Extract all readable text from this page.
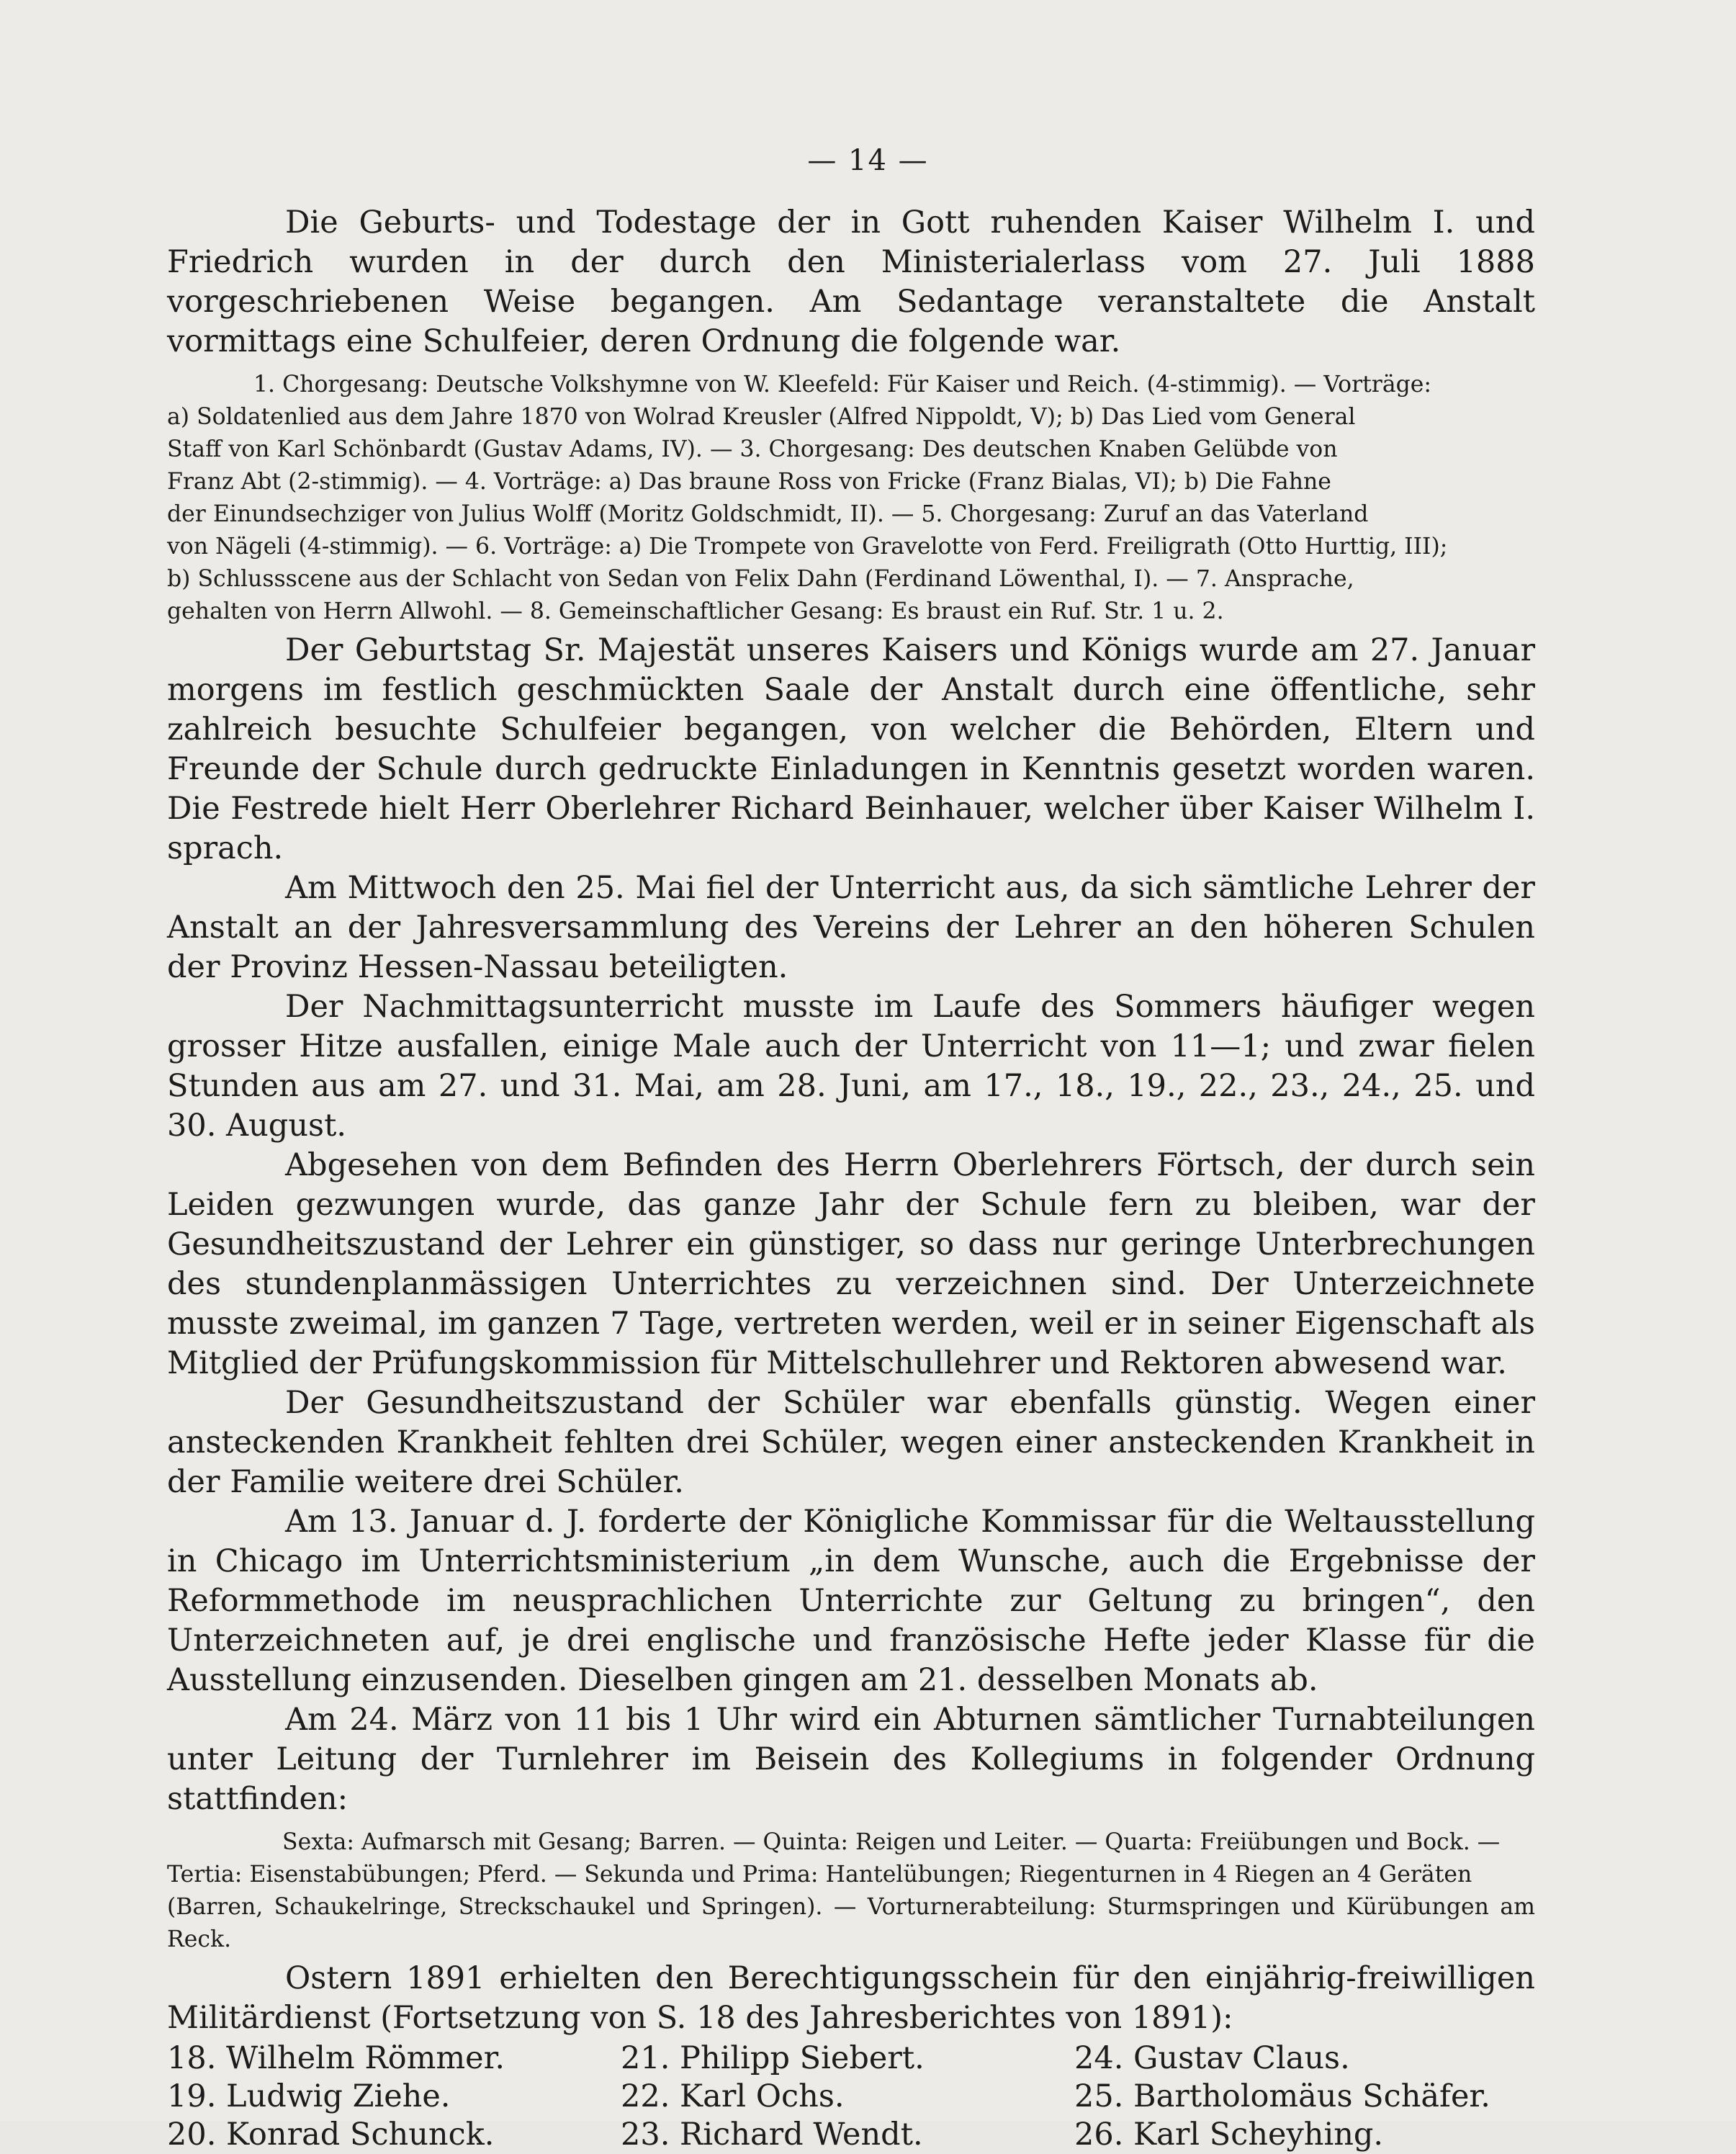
— 14 —

Die Geburts- und Todestage der in Gott ruhenden Kaiser Wilhelm I. und Friedrich wurden in der durch den Ministerialerlass vom 27. Juli 1888 vorgeschriebenen Weise begangen. Am Sedantage veranstaltete die Anstalt vormittags eine Schulfeier, deren Ordnung die folgende war.

1. Chorgesang: Deutsche Volkshymne von W. Kleefeld: Für Kaiser und Reich. (4-stimmig). — Vorträge:
a) Soldatenlied aus dem Jahre 1870 von Wolrad Kreusler (Alfred Nippoldt, V); b) Das Lied vom General
Staff von Karl Schönbardt (Gustav Adams, IV). — 3. Chorgesang: Des deutschen Knaben Gelübde von
Franz Abt (2-stimmig). — 4. Vorträge: a) Das braune Ross von Fricke (Franz Bialas, VI); b) Die Fahne
der Einundsechziger von Julius Wolff (Moritz Goldschmidt, II). — 5. Chorgesang: Zuruf an das Vaterland
von Nägeli (4-stimmig). — 6. Vorträge: a) Die Trompete von Gravelotte von Ferd. Freiligrath (Otto Hurttig, III);
b) Schlussscene aus der Schlacht von Sedan von Felix Dahn (Ferdinand Löwenthal, I). — 7. Ansprache,
gehalten von Herrn Allwohl. — 8. Gemeinschaftlicher Gesang: Es braust ein Ruf. Str. 1 u. 2.

Der Geburtstag Sr. Majestät unseres Kaisers und Königs wurde am 27. Januar morgens im festlich geschmückten Saale der Anstalt durch eine öffentliche, sehr zahlreich besuchte Schulfeier begangen, von welcher die Behörden, Eltern und Freunde der Schule durch gedruckte Einladungen in Kenntnis gesetzt worden waren. Die Festrede hielt Herr Oberlehrer Richard Beinhauer, welcher über Kaiser Wilhelm I. sprach.

Am Mittwoch den 25. Mai fiel der Unterricht aus, da sich sämtliche Lehrer der Anstalt an der Jahresversammlung des Vereins der Lehrer an den höheren Schulen der Provinz Hessen-Nassau beteiligten.

Der Nachmittagsunterricht musste im Laufe des Sommers häufiger wegen grosser Hitze ausfallen, einige Male auch der Unterricht von 11—1; und zwar fielen Stunden aus am 27. und 31. Mai, am 28. Juni, am 17., 18., 19., 22., 23., 24., 25. und 30. August.

Abgesehen von dem Befinden des Herrn Oberlehrers Förtsch, der durch sein Leiden gezwungen wurde, das ganze Jahr der Schule fern zu bleiben, war der Gesundheitszustand der Lehrer ein günstiger, so dass nur geringe Unterbrechungen des stundenplanmässigen Unterrichtes zu verzeichnen sind. Der Unterzeichnete musste zweimal, im ganzen 7 Tage, vertreten werden, weil er in seiner Eigenschaft als Mitglied der Prüfungskommission für Mittelschullehrer und Rektoren abwesend war.

Der Gesundheitszustand der Schüler war ebenfalls günstig. Wegen einer ansteckenden Krankheit fehlten drei Schüler, wegen einer ansteckenden Krankheit in der Familie weitere drei Schüler.

Am 13. Januar d. J. forderte der Königliche Kommissar für die Weltausstellung in Chicago im Unterrichtsministerium „in dem Wunsche, auch die Ergebnisse der Reformmethode im neusprachlichen Unterrichte zur Geltung zu bringen“, den Unterzeichneten auf, je drei englische und französische Hefte jeder Klasse für die Ausstellung einzusenden. Dieselben gingen am 21. desselben Monats ab.

Am 24. März von 11 bis 1 Uhr wird ein Abturnen sämtlicher Turnabteilungen unter Leitung der Turnlehrer im Beisein des Kollegiums in folgender Ordnung stattfinden:

Sexta: Aufmarsch mit Gesang; Barren. — Quinta: Reigen und Leiter. — Quarta: Freiübungen und Bock. —
Tertia: Eisenstabübungen; Pferd. — Sekunda und Prima: Hantelübungen; Riegenturnen in 4 Riegen an 4 Geräten
(Barren, Schaukelringe, Streckschaukel und Springen). — Vorturnerabteilung: Sturmspringen und Kürübungen am Reck.

Ostern 1891 erhielten den Berechtigungsschein für den einjährig-freiwilligen Militärdienst (Fortsetzung von S. 18 des Jahresberichtes von 1891):

18. Wilhelm Römmer.	21. Philipp Siebert.	24. Gustav Claus.
19. Ludwig Ziehe.	22. Karl Ochs.	25. Bartholomäus Schäfer.
20. Konrad Schunck.	23. Richard Wendt.	26. Karl Scheyhing.
